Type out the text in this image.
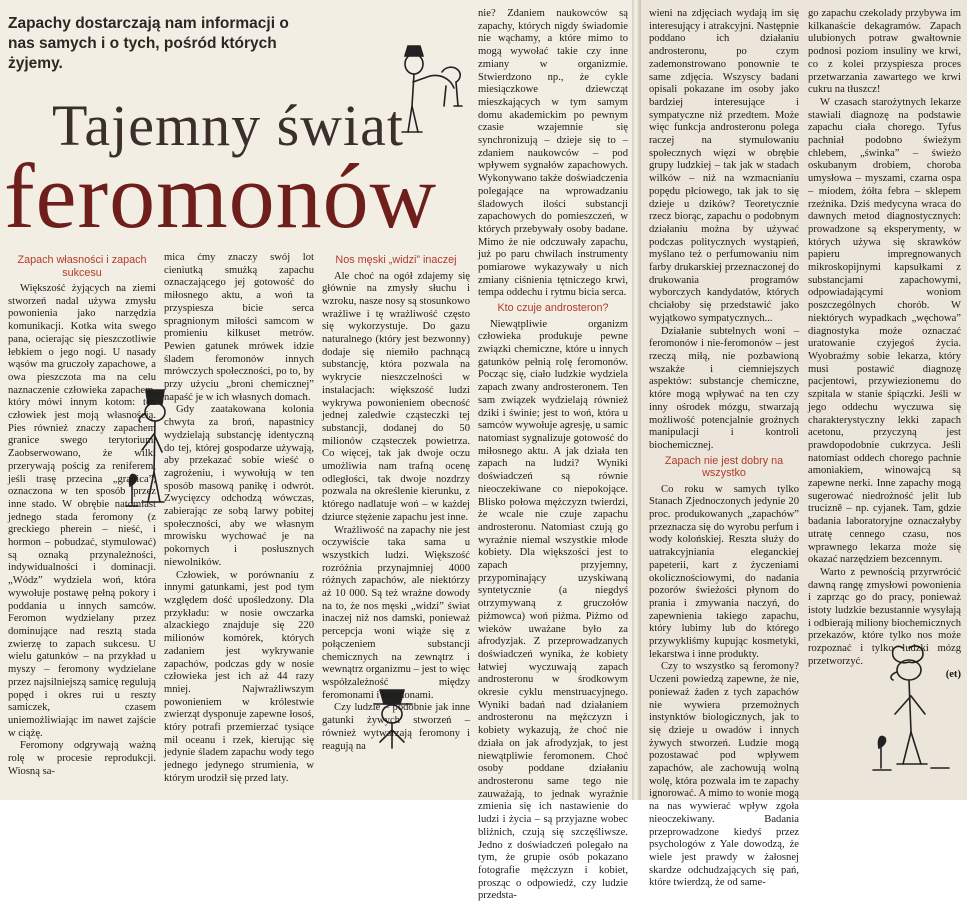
Zapachy dostarczają nam informacji o nas samych i o tych, pośród których żyjemy.
Tajemny świat
feromonów
Zapach własności i zapach sukcesu

Większość żyjących na ziemi stworzeń nadal używa zmysłu powonienia jako narzędzia komunikacji. Kotka wita swego pana, ocierając się pieszczotliwie łebkiem o jego nogi. U nasady wąsów ma gruczoły zapachowe, a owa pieszczota ma na celu naznaczenie człowieka zapachem, który mówi innym kotom: ten człowiek jest moją własnością. Pies również znaczy zapachem granice swego terytorium. Zaobserwowano, że wilki przerywają pościg za reniferem, jeśli trasę przecina „granica”, oznaczona w ten sposób przez inne stado. W obrębie natomiast jednego stada feromony (z greckiego pherein – nieść, i hormon – pobudzać, stymulować) są oznaką przynależności, indywidualności i dominacji. „Wódz” wydziela woń, która wywołuje postawę pełną pokory i poddania u innych samców. Feromon wydzielany przez dominujące nad resztą stada zwierzę to zapach sukcesu. U wielu gatunków – na przykład u myszy – feromony wydzielane przez najsilniejszą samicę regulują popęd i okres rui u reszty samiczek, czasem uniemożliwiając im nawet zajście w ciążę.

Feromony odgrywają ważną rolę w procesie reprodukcji. Wiosną sa-

mica ćmy znaczy swój lot cieniutką smużką zapachu oznaczającego jej gotowość do miłosnego aktu, a woń ta przyspiesza bicie serca spragnionym miłości samcom w promieniu kilkuset metrów. Pewien gatunek mrówek idzie śladem feromonów innych mrówczych społeczności, po to, by przy użyciu „broni chemicznej” napaść je w ich własnych domach.

Gdy zaatakowana kolonia chwyta za broń, napastnicy wydzielają substancję identyczną do tej, której gospodarze używają, aby przekazać sobie wieść o zagrożeniu, i wywołują w ten sposób masową panikę i odwrót. Zwycięzcy odchodzą wówczas, zabierając ze sobą larwy pobitej społeczności, aby we własnym mrowisku wychować je na pokornych i posłusznych niewolników.

Człowiek, w porównaniu z innymi gatunkami, jest pod tym względem dość upośledzony. Dla przykładu: w nosie owczarka alzackiego znajduje się 220 milionów komórek, których zadaniem jest wykrywanie zapachów, podczas gdy w nosie człowieka jest ich aż 44 razy mniej. Najwrażliwszym powonieniem w królestwie zwierząt dysponuje zapewne łosoś, który potrafi przemierzać tysiące mil oceanu i rzek, kierując się jedynie śladem zapachu wody tego jednego jedynego strumienia, w którym urodził się przed laty.

Nos męski „widzi” inaczej

Ale choć na ogół zdajemy się głównie na zmysły słuchu i wzroku, nasze nosy są stosunkowo wrażliwe i tę wrażliwość często się wykorzystuje. Do gazu naturalnego (który jest bezwonny) dodaje się niemiło pachnącą substancję, która pozwala na wykrycie nieszczelności w instalacjach: większość ludzi wykrywa powonieniem obecność jednej zaledwie cząsteczki tej substancji, dodanej do 50 milionów cząsteczek powietrza. Co więcej, tak jak dwoje oczu umożliwia nam trafną ocenę odległości, tak dwoje nozdrzy pozwala na określenie kierunku, z którego nadlatuje woń – w każdej dziurce stężenie zapachu jest inne.

Wrażliwość na zapachy nie jest oczywiście taka sama u wszystkich ludzi. Większość rozróżnia przynajmniej 4000 różnych zapachów, ale niektórzy aż 10 000. Są też wrażne dowody na to, że nos męski „widzi” świat inaczej niż nos damski, ponieważ percepcja woni wiąże się z połączeniem substancji chemicznych na zewnątrz i wewnątrz organizmu – jest to więc współzależność między feromonami i hormonami.

Czy ludzie – podobnie jak inne gatunki żywych stworzeń – również wytwarzają feromony i reagują na

nie? Zdaniem naukowców są zapachy, których nigdy świadomie nie wąchamy, a które mimo to mogą wywołać takie czy inne zmiany w organizmie. Stwierdzono np., że cykle miesiączkowe dziewcząt mieszkających w tym samym domu akademickim po pewnym czasie wzajemnie się synchronizują – dzieje się to – zdaniem naukowców – pod wpływem sygnałów zapachowych. Wykonywano także doświadczenia polegające na wprowadzaniu śladowych ilości substancji zapachowych do pomieszczeń, w których przebywały osoby badane. Mimo że nie odczuwały zapachu, już po paru chwilach instrumenty pomiarowe wykazywały u nich zmiany ciśnienia tętniczego krwi, tempa oddechu i rytmu bicia serca.

Kto czuje androsteron?

Niewątpliwie organizm człowieka produkuje pewne związki chemiczne, które u innych gatunków pełnią rolę feromonów. Począc się, ciało ludzkie wydziela zapach zwany androsteronem. Ten sam związek wydzielają również dziki i świnie; jest to woń, która u samców wywołuje agresję, u samic natomiast sygnalizuje gotowość do miłosnego aktu. A jak działa ten zapach na ludzi? Wyniki doświadczeń są równie nieoczekiwane co niepokojące. Blisko połowa mężczyzn twierdzi, że wcale nie czuje zapachu androsteronu. Natomiast czują go wyraźnie niemal wszystkie młode kobiety. Dla większości jest to zapach przyjemny, przypominający uzyskiwaną syntetycznie (a niegdyś otrzymywaną z gruczołów piżmowca) woń piżma. Piżmo od wieków uważane było za afrodyzjak. Z przeprowadzanych doświadczeń wynika, że kobiety łatwiej wyczuwają zapach androsteronu w środkowym okresie cyklu menstruacyjnego. Wyniki badań nad działaniem androsteronu na mężczyzn i kobiety wykazują, że choć nie działa on jak afrodyzjak, to jest niewątpliwie feromonem. Choć osoby poddane działaniu androsteronu same tego nie zauważają, to jednak wyraźnie zmienia się ich nastawienie do ludzi i życia – są przyjazne wobec bliźnich, czują się szczęśliwsze. Jedno z doświadczeń polegało na tym, że grupie osób pokazano fotografie mężczyzn i kobiet, prosząc o odpowiedź, czy ludzie przedsta-

wieni na zdjęciach wydają im się interesujący i atrakcyjni. Następnie poddano ich działaniu androsteronu, po czym zademonstrowano ponownie te same zdjęcia. Wszyscy badani opisali pokazane im osoby jako bardziej interesujące i sympatyczne niż przedtem. Może więc funkcja androsteronu polega raczej na stymulowaniu społecznych więzi w obrębie grupy ludzkiej – tak jak w stadach wilków – niż na wzmacnianiu popędu płciowego, tak jak to się dzieje u dzików? Teoretycznie rzecz biorąc, zapachu o podobnym działaniu można by używać podczas politycznych wystąpień, myślano też o perfumowaniu nim farby drukarskiej przeznaczonej do drukowania programów wyborczych kandydatów, których chciałoby się przedstawić jako wyjątkowo sympatycznych...

Działanie subtelnych woni – feromonów i nie-feromonów – jest rzeczą miłą, nie pozbawioną wszakże i ciemniejszych aspektów: substancje chemiczne, które mogą wpływać na ten czy inny ośrodek mózgu, stwarzają możliwość potencjalnie groźnych manipulacji i kontroli biochemicznej.

Zapach nie jest dobry na wszystko

Co roku w samych tylko Stanach Zjednoczonych jedynie 20 proc. produkowanych „zapachów” przeznacza się do wyrobu perfum i wody kolońskiej. Reszta służy do uatrakcyjniania eleganckiej papeterii, kart z życzeniami okolicznościowymi, do nadania pozorów świeżości płynom do prania i zmywania naczyń, do zapewnienia takiego zapachu, który lubimy lub do którego przywykliśmy kupując kosmetyki, lekarstwa i inne produkty.

Czy to wszystko są feromony? Uczeni powiedzą zapewne, że nie, ponieważ żaden z tych zapachów nie wywiera przemożnych instynktów biologicznych, jak to się dzieje u owadów i innych żywych stworzeń. Ludzie mogą pozostawać pod wpływem zapachów, ale zachowują wolną wolę, która pozwala im te zapachy ignorować. A mimo to wonie mogą na nas wywierać wpływ zgoła nieoczekiwany. Badania przeprowadzone kiedyś przez psychologów z Yale dowodzą, że wiele jest prawdy w żałosnej skardze odchudzających się pań, które twierdzą, że od same-

go zapachu czekolady przybywa im kilkanaście dekagramów. Zapach ulubionych potraw gwałtownie podnosi poziom insuliny we krwi, co z kolei przyspiesza proces przetwarzania zawartego we krwi cukru na tłuszcz!

W czasach starożytnych lekarze stawiali diagnozę na podstawie zapachu ciała chorego. Tyfus pachniał podobno świeżym chlebem, „świnka” – świeżo oskubanym drobiem, choroba umysłowa – myszami, czarna ospa – miodem, żółta febra – sklepem rzeźnika. Dziś medycyna wraca do dawnych metod diagnostycznych: prowadzone są eksperymenty, w których używa się skrawków papieru impregnowanych mikroskopijnymi kapsułkami z substancjami zapachowymi, odpowiadającymi woniom poszczególnych chorób. W niektórych wypadkach „węchowa” diagnostyka może oznaczać uratowanie czyjegoś życia. Wyobraźmy sobie lekarza, który musi postawić diagnozę pacjentowi, przywiezionemu do szpitala w stanie śpiączki. Jeśli w jego oddechu wyczuwa się charakterystyczny lekki zapach acetonu, przyczyną jest prawdopodobnie cukrzyca. Jeśli natomiast oddech chorego pachnie amoniakiem, winowajcą są zapewne nerki. Inne zapachy mogą sugerować niedrożność jelit lub trucizně – np. cyjanek. Tam, gdzie badania laboratoryjne oznaczałyby utratę cennego czasu, nos wprawnego lekarza może się okazać narzędziem bezcennym.

Warto z pewnością przyrwrócić dawną rangę zmysłowi powonienia i zaprząc go do pracy, ponieważ istoty ludzkie bezustannie wysyłają i odbierają miliony biochemicznych przekazów, które tylko nos może rozpoznać i tylko ludzki mózg przetworzyć.

(et)
